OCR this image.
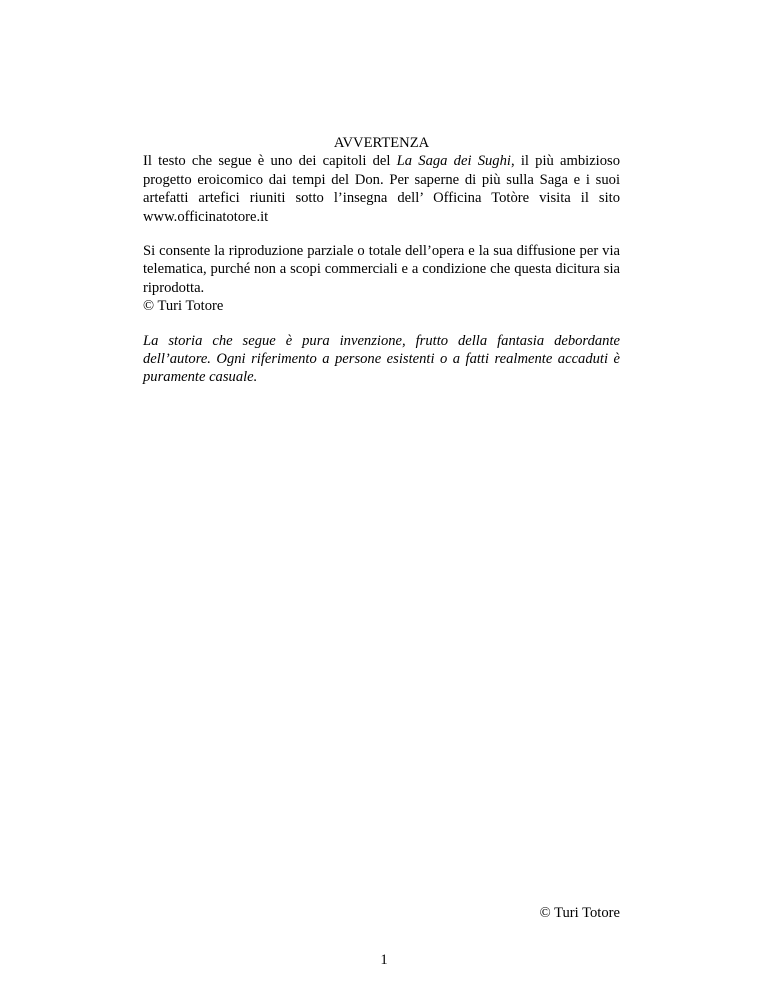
AVVERTENZA

Il testo che segue è uno dei capitoli del La Saga dei Sughi, il più ambizioso progetto eroicomico dai tempi del Don. Per saperne di più sulla Saga e i suoi artefatti artefici riuniti sotto l’insegna dell’ Officina Totòre visita il sito www.officinatotore.it

Si consente la riproduzione parziale o totale dell’opera e la sua diffusione per via telematica, purché non a scopi commerciali e a condizione che questa dicitura sia riprodotta.

© Turi Totore

La storia che segue è pura invenzione, frutto della fantasia debordante dell’autore. Ogni riferimento a persone esistenti o a fatti realmente accaduti è puramente casuale.

© Turi Totore

1
